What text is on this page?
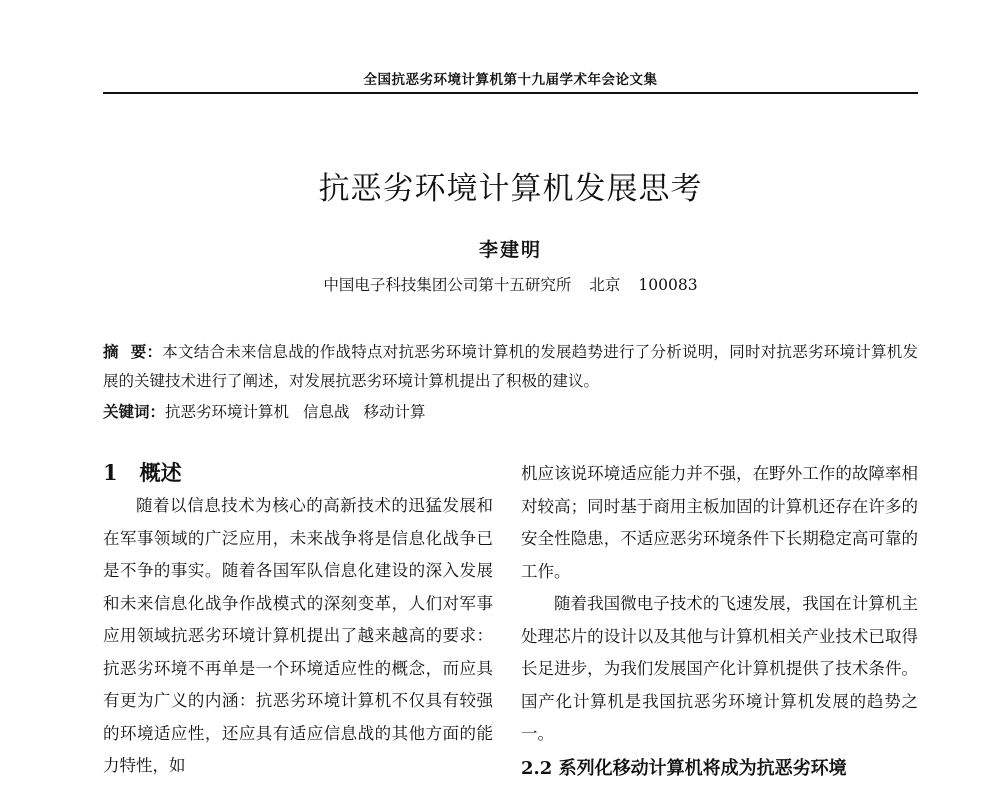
全国抗恶劣环境计算机第十九届学术年会论文集
抗恶劣环境计算机发展思考
李建明
中国电子科技集团公司第十五研究所 北京 100083
摘要：本文结合未来信息战的作战特点对抗恶劣环境计算机的发展趋势进行了分析说明，同时对抗恶劣环境计算机发展的关键技术进行了阐述，对发展抗恶劣环境计算机提出了积极的建议。
关键词：抗恶劣环境计算机 信息战 移动计算
1 概述

随着以信息技术为核心的高新技术的迅猛发展和在军事领域的广泛应用，未来战争将是信息化战争已是不争的事实。随着各国军队信息化建设的深入发展和未来信息化战争作战模式的深刻变革，人们对军事应用领域抗恶劣环境计算机提出了越来越高的要求：抗恶劣环境不再单是一个环境适应性的概念，而应具有更为广义的内涵：抗恶劣环境计算机不仅具有较强的环境适应性，还应具有适应信息战的其他方面的能力特性，如

机应该说环境适应能力并不强，在野外工作的故障率相对较高；同时基于商用主板加固的计算机还存在许多的安全性隐患，不适应恶劣环境条件下长期稳定高可靠的工作。

随着我国微电子技术的飞速发展，我国在计算机主处理芯片的设计以及其他与计算机相关产业技术已取得长足进步，为我们发展国产化计算机提供了技术条件。国产化计算机是我国抗恶劣环境计算机发展的趋势之一。

2.2 系列化移动计算机将成为抗恶劣环境
